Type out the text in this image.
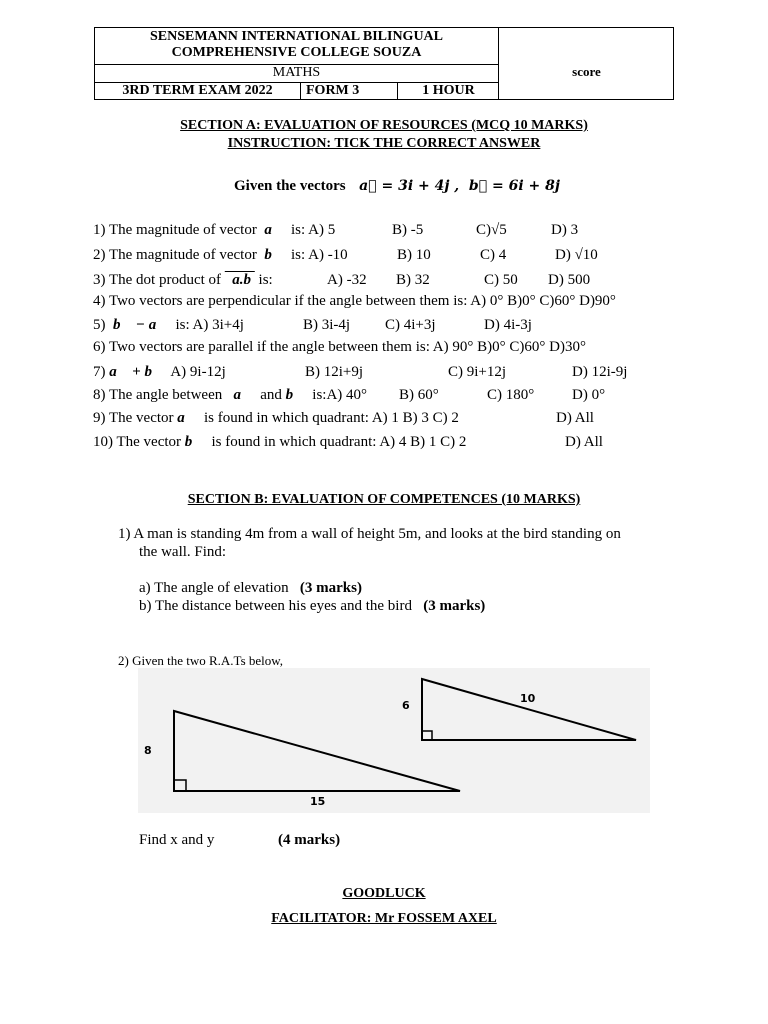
SENSEMANN INTERNATIONAL BILINGUAL
COMPREHENSIVE COLLEGE SOUZA
MATHS
3RD TERM EXAM 2022	FORM 3	1 HOUR
score
SECTION A: EVALUATION OF RESOURCES (MCQ 10 MARKS)
INSTRUCTION: TICK THE CORRECT ANSWER
Given the vectors   a⃗ = 3i + 4j ,  b⃗ = 6i + 8j
1) The magnitude of vector  a⃗  is: A) 5	B) -5	C)√5	D) 3
2) The magnitude of vector  b⃗  is: A) -10	B) 10	C) 4	D) √10
3) The dot product of   a.b  is:	A) -32 B) 32	C) 50 D) 500
4) Two vectors are perpendicular if the angle between them is: A) 0° B)0° C)60° D)90°
5)  b⃗ − a⃗  is: A) 3i+4j	B) 3i-4j C) 4i+3j	D) 4i-3j
6) Two vectors are parallel if the angle between them is: A) 90° B)0° C)60° D)30°
7) a⃗ + b⃗  A) 9i-12j	B) 12i+9j	C) 9i+12j	D) 12i-9j
8) The angle between   a⃗  and b⃗  is:A) 40° B) 60°	C) 180°	D) 0°
9) The vector a⃗  is found in which quadrant: A) 1 B) 3 C) 2	D) All
10) The vector b⃗  is found in which quadrant: A) 4 B) 1 C) 2	D) All
SECTION B: EVALUATION OF COMPETENCES (10 MARKS)
1) A man is standing 4m from a wall of height 5m, and looks at the bird standing on
the wall. Find:
a) The angle of elevation (3 marks)
b) The distance between his eyes and the bird (3 marks)
2) Given the two R.A.Ts below,
8
15
6
10
Find x and y	(4 marks)
GOODLUCK
FACILITATOR: Mr FOSSEM AXEL
